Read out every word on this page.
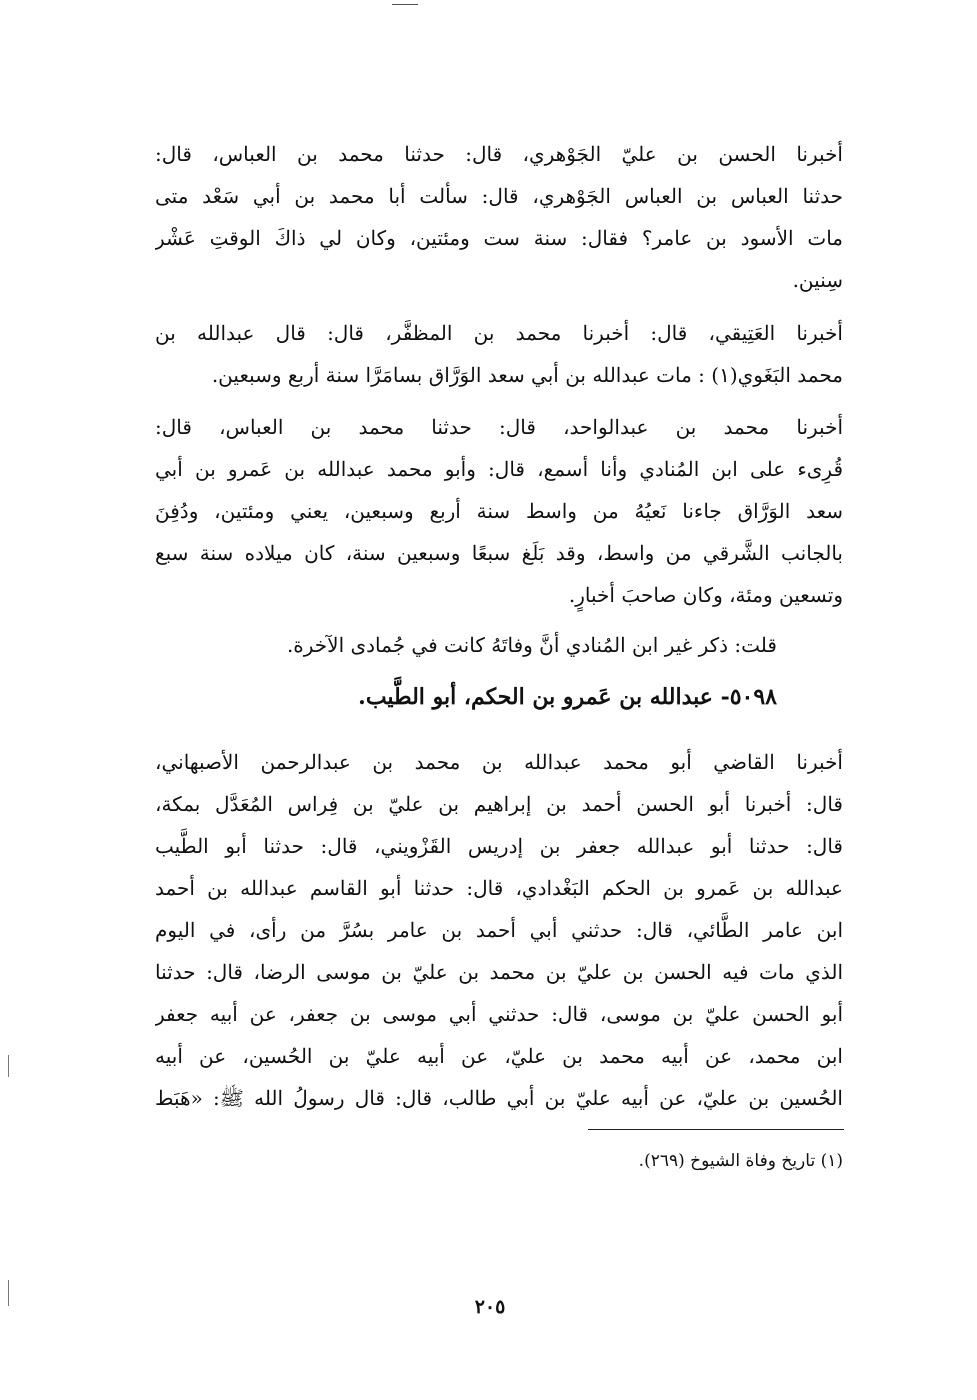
أخبرنا الحسن بن عليّ الجَوْهري، قال: حدثنا محمد بن العباس، قال:
حدثنا العباس بن العباس الجَوْهري، قال: سألت أبا محمد بن أبي سَعْد متى
مات الأسود بن عامر؟ فقال: سنة ست ومئتين، وكان لي ذاكَ الوقتِ عَشْر
سِنين.
أخبرنا العَتِيقي، قال: أخبرنا محمد بن المظفَّر، قال: قال عبدالله بن
محمد البَغَوي(١) : مات عبدالله بن أبي سعد الوَرَّاق بسامَرَّا سنة أربع وسبعين.
أخبرنا محمد بن عبدالواحد، قال: حدثنا محمد بن العباس، قال:
قُرِىء على ابن المُنادي وأنا أسمع، قال: وأبو محمد عبدالله بن عَمرو بن أبي
سعد الوَرَّاق جاءنا نَعيُهُ من واسط سنة أربع وسبعين، يعني ومئتين، ودُفِنَ
بالجانب الشَّرقي من واسط، وقد بَلَغ سبعًا وسبعين سنة، كان ميلاده سنة سبع
وتسعين ومئة، وكان صاحبَ أخبارٍ.
قلت: ذكر غير ابن المُنادي أنَّ وفاتَهُ كانت في جُمادى الآخرة.
٥٠٩٨- عبدالله بن عَمرو بن الحكم، أبو الطَّيب.
أخبرنا القاضي أبو محمد عبدالله بن محمد بن عبدالرحمن الأصبهاني،
قال: أخبرنا أبو الحسن أحمد بن إبراهيم بن عليّ بن فِراس المُعَدَّل بمكة،
قال: حدثنا أبو عبدالله جعفر بن إدريس القَزْويني، قال: حدثنا أبو الطَّيب
عبدالله بن عَمرو بن الحكم البَغْدادي، قال: حدثنا أبو القاسم عبدالله بن أحمد
ابن عامر الطَّائي، قال: حدثني أبي أحمد بن عامر بسُرَّ من رأى، في اليوم
الذي مات فيه الحسن بن عليّ بن محمد بن عليّ بن موسى الرضا، قال: حدثنا
أبو الحسن عليّ بن موسى، قال: حدثني أبي موسى بن جعفر، عن أبيه جعفر
ابن محمد، عن أبيه محمد بن عليّ، عن أبيه عليّ بن الحُسين، عن أبيه
الحُسين بن عليّ، عن أبيه عليّ بن أبي طالب، قال: قال رسولُ الله ﷺ: «هَبَط
(١) تاريخ وفاة الشيوخ (٢٦٩).
٢٠٥
